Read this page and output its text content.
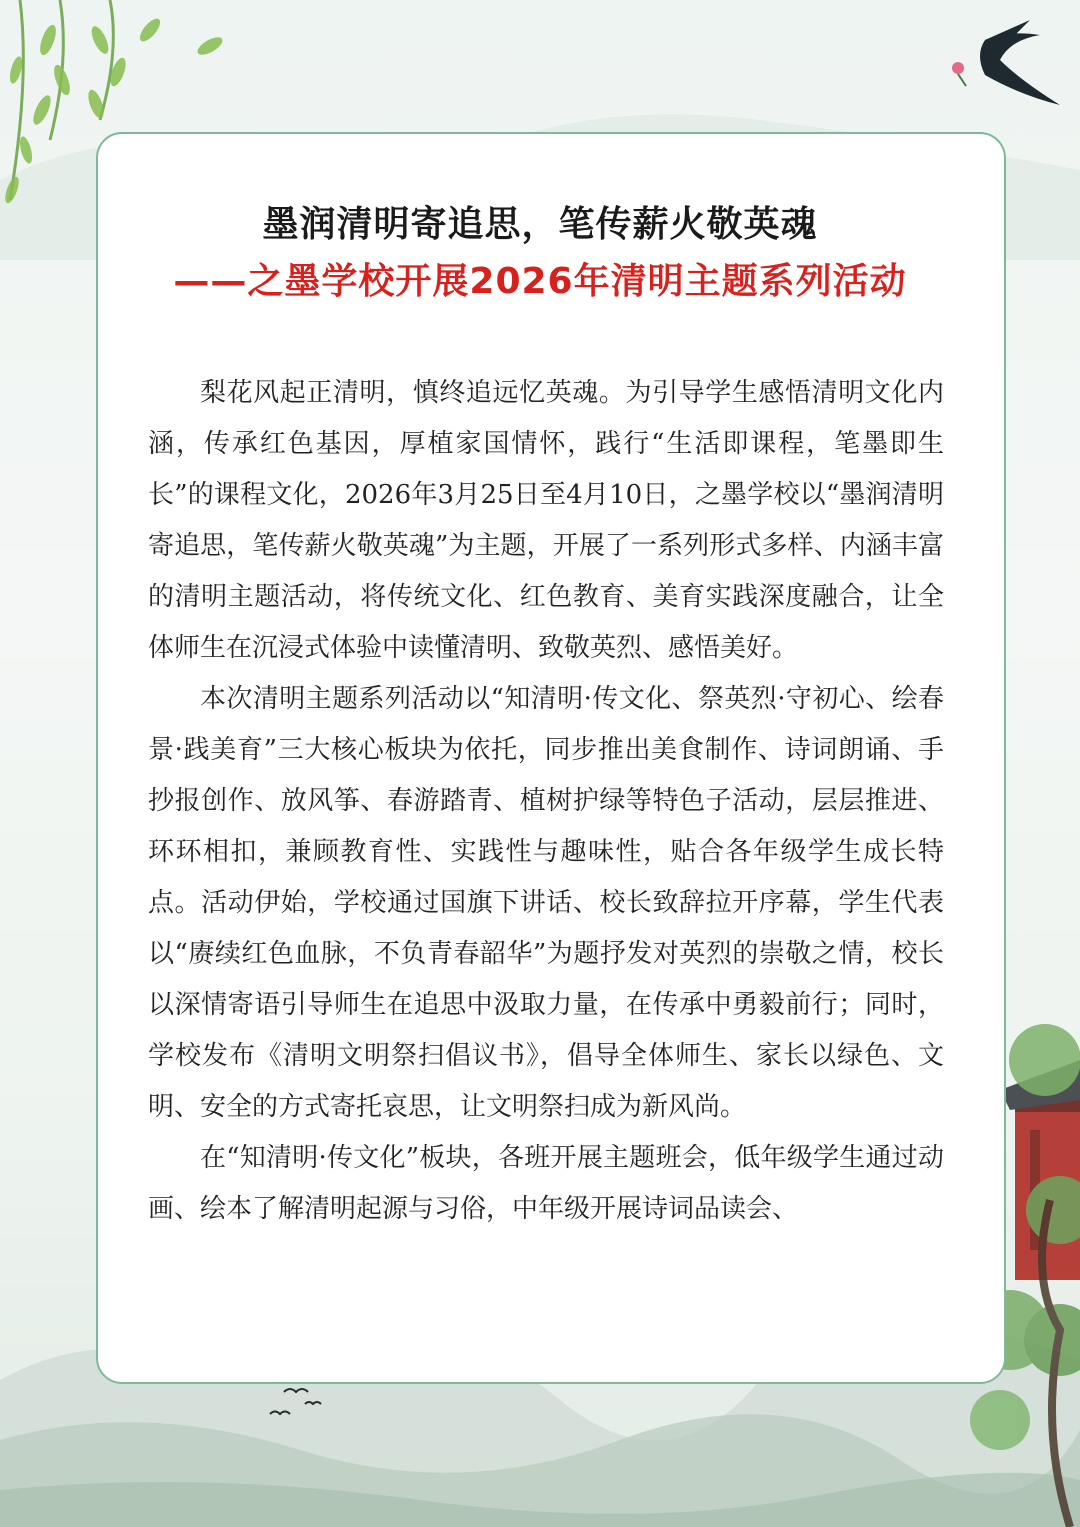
墨润清明寄追思，笔传薪火敬英魂
——之墨学校开展2026年清明主题系列活动

梨花风起正清明，慎终追远忆英魂。为引导学生感悟清明文化内涵，传承红色基因，厚植家国情怀，践行“生活即课程，笔墨即生长”的课程文化，2026年3月25日至4月10日，之墨学校以“墨润清明寄追思，笔传薪火敬英魂”为主题，开展了一系列形式多样、内涵丰富的清明主题活动，将传统文化、红色教育、美育实践深度融合，让全体师生在沉浸式体验中读懂清明、致敬英烈、感悟美好。

本次清明主题系列活动以“知清明·传文化、祭英烈·守初心、绘春景·践美育”三大核心板块为依托，同步推出美食制作、诗词朗诵、手抄报创作、放风筝、春游踏青、植树护绿等特色子活动，层层推进、环环相扣，兼顾教育性、实践性与趣味性，贴合各年级学生成长特点。活动伊始，学校通过国旗下讲话、校长致辞拉开序幕，学生代表以“赓续红色血脉，不负青春韶华”为题抒发对英烈的崇敬之情，校长以深情寄语引导师生在追思中汲取力量，在传承中勇毅前行；同时，学校发布《清明文明祭扫倡议书》，倡导全体师生、家长以绿色、文明、安全的方式寄托哀思，让文明祭扫成为新风尚。

在“知清明·传文化”板块，各班开展主题班会，低年级学生通过动画、绘本了解清明起源与习俗，中年级开展诗词品读会、
